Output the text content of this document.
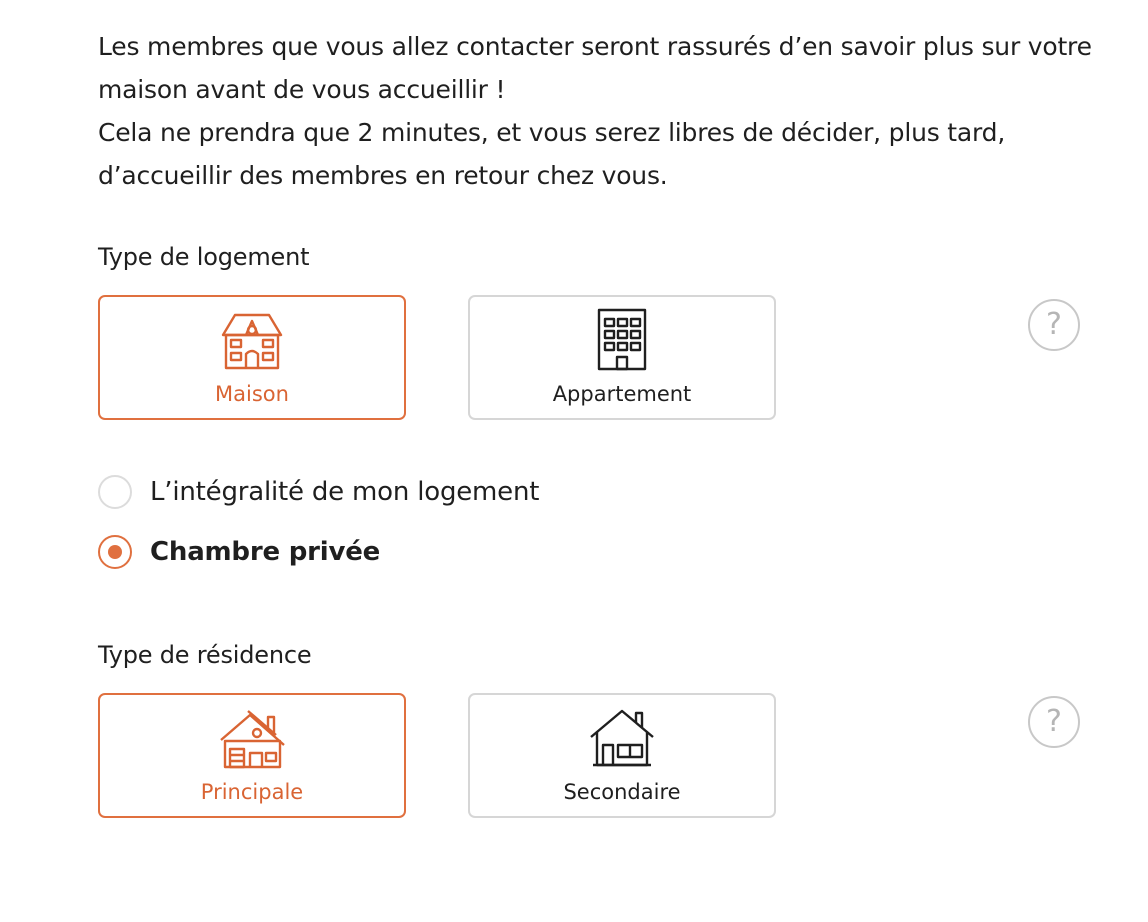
Les membres que vous allez contacter seront rassurés d’en savoir plus sur votre maison avant de vous accueillir !

Cela ne prendra que 2 minutes, et vous serez libres de décider, plus tard, d’accueillir des membres en retour chez vous.

Type de logement
Maison	Appartement
?
L’intégralité de mon logement
Chambre privée
Type de résidence
Principale	Secondaire
?
